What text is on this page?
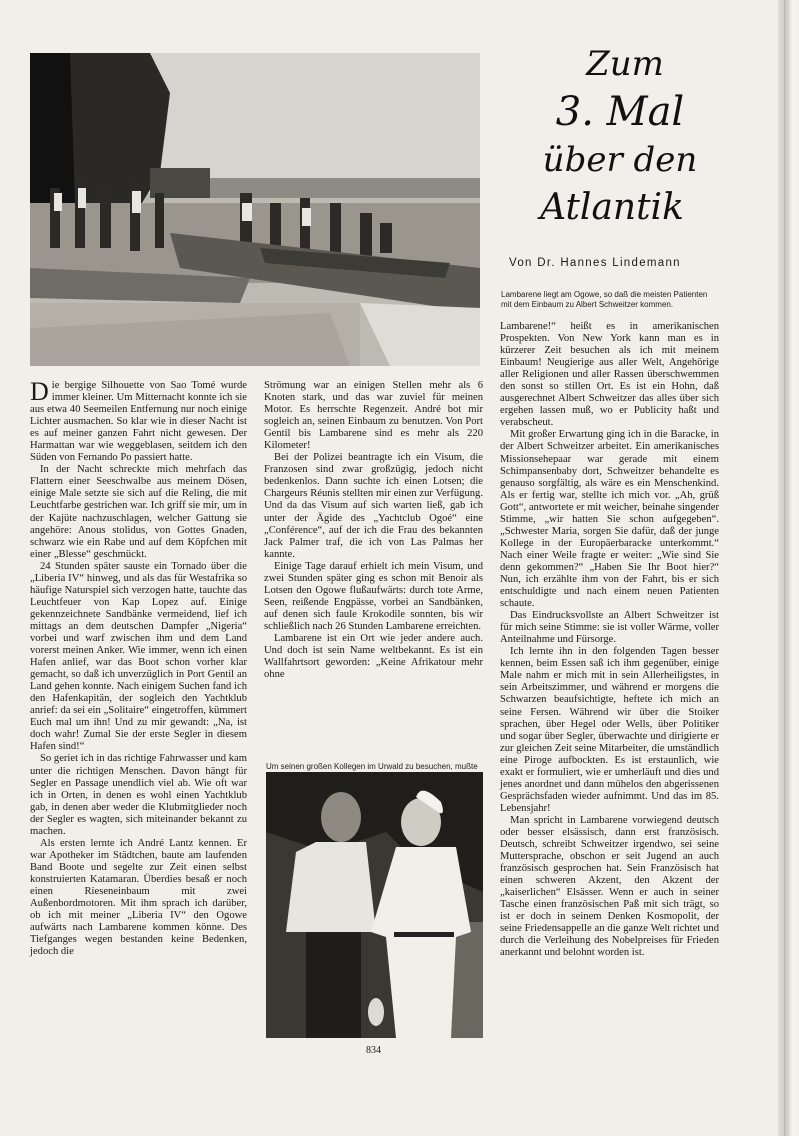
Zum
3. Mal
über den
Atlantik
Von Dr. Hannes Lindemann
Lambarene liegt am Ogowe, so daß die meisten Patienten mit dem Einbaum zu Albert Schweitzer kommen.

Die bergige Silhouette von Sao Tomé wurde immer kleiner. Um Mitternacht konnte ich sie aus etwa 40 Seemeilen Entfernung nur noch einige Lichter ausmachen. So klar wie in dieser Nacht ist es auf meiner ganzen Fahrt nicht gewesen. Der Harmattan war wie weggeblasen, seitdem ich den Süden von Fernando Po passiert hatte.

In der Nacht schreckte mich mehrfach das Flattern einer Seeschwalbe aus meinem Dösen, einige Male setzte sie sich auf die Reling, die mit Leuchtfarbe gestrichen war. Ich griff sie mir, um in der Kajüte nachzuschlagen, welcher Gattung sie angehöre: Anous stolidus, von Gottes Gnaden, schwarz wie ein Rabe und auf dem Köpfchen mit einer „Blesse“ geschmückt.

24 Stunden später sauste ein Tornado über die „Liberia IV“ hinweg, und als das für Westafrika so häufige Naturspiel sich verzogen hatte, tauchte das Leuchtfeuer von Kap Lopez auf. Einige gekennzeichnete Sandbänke vermeidend, lief ich mittags an dem deutschen Dampfer „Nigeria“ vorbei und warf zwischen ihm und dem Land vorerst meinen Anker. Wie immer, wenn ich einen Hafen anlief, war das Boot schon vorher klar gemacht, so daß ich unverzüglich in Port Gentil an Land gehen konnte. Nach einigem Suchen fand ich den Hafenkapitän, der sogleich den Yachtklub anrief: da sei ein „Solitaire“ eingetroffen, kümmert Euch mal um ihn! Und zu mir gewandt: „Na, ist doch wahr! Zumal Sie der erste Segler in diesem Hafen sind!“

So geriet ich in das richtige Fahrwasser und kam unter die richtigen Menschen. Davon hängt für Segler en Passage unendlich viel ab. Wie oft war ich in Orten, in denen es wohl einen Yachtklub gab, in denen aber weder die Klubmitglieder noch der Segler es wagten, sich miteinander bekannt zu machen.

Als ersten lernte ich André Lantz kennen. Er war Apotheker im Städtchen, baute am laufenden Band Boote und segelte zur Zeit einen selbst konstruierten Katamaran. Überdies besaß er noch einen Rieseneinbaum mit zwei Außenbordmotoren. Mit ihm sprach ich darüber, ob ich mit meiner „Liberia IV“ den Ogowe aufwärts nach Lambarene kommen könne. Des Tiefganges wegen bestanden keine Bedenken, jedoch die

Strömung war an einigen Stellen mehr als 6 Knoten stark, und das war zuviel für meinen Motor. Es herrschte Regenzeit. André bot mir sogleich an, seinen Einbaum zu benutzen. Von Port Gentil bis Lambarene sind es mehr als 220 Kilometer!

Bei der Polizei beantragte ich ein Visum, die Franzosen sind zwar großzügig, jedoch nicht bedenkenlos. Dann suchte ich einen Lotsen; die Chargeurs Réunis stellten mir einen zur Verfügung. Und da das Visum auf sich warten ließ, gab ich unter der Ägide des „Yachtclub Ogoé“ eine „Conférence“, auf der ich die Frau des bekannten Jack Palmer traf, die ich von Las Palmas her kannte.

Einige Tage darauf erhielt ich mein Visum, und zwei Stunden später ging es schon mit Benoir als Lotsen den Ogowe flußaufwärts: durch tote Arme, Seen, reißende Engpässe, vorbei an Sandbänken, auf denen sich faule Krokodile sonnten, bis wir schließlich nach 26 Stunden Lambarene erreichten.

Lambarene ist ein Ort wie jeder andere auch. Und doch ist sein Name weltbekannt. Es ist ein Wallfahrtsort geworden: „Keine Afrikatour mehr ohne

Um seinen großen Kollegen im Urwald zu besuchen, mußte

Lambarene!“ heißt es in amerikanischen Prospekten. Von New York kann man es in kürzerer Zeit besuchen als ich mit meinem Einbaum! Neugierige aus aller Welt, Angehörige aller Religionen und aller Rassen überschwemmen den sonst so stillen Ort. Es ist ein Hohn, daß ausgerechnet Albert Schweitzer das alles über sich ergehen lassen muß, wo er Publicity haßt und verabscheut.

Mit großer Erwartung ging ich in die Baracke, in der Albert Schweitzer arbeitet. Ein amerikanisches Missionsehepaar war gerade mit einem Schimpansenbaby dort, Schweitzer behandelte es genauso sorgfältig, als wäre es ein Menschenkind. Als er fertig war, stellte ich mich vor. „Ah, grüß Gott“, antwortete er mit weicher, beinahe singender Stimme, „wir hatten Sie schon aufgegeben“. „Schwester Maria, sorgen Sie dafür, daß der junge Kollege in der Europäerbaracke unterkommt.“ Nach einer Weile fragte er weiter: „Wie sind Sie denn gekommen?“ „Haben Sie Ihr Boot hier?“ Nun, ich erzählte ihm von der Fahrt, bis er sich entschuldigte und nach einem neuen Patienten schaute.

Das Eindrucksvollste an Albert Schweitzer ist für mich seine Stimme: sie ist voller Wärme, voller Anteilnahme und Fürsorge.

Ich lernte ihn in den folgenden Tagen besser kennen, beim Essen saß ich ihm gegenüber, einige Male nahm er mich mit in sein Allerheiligstes, in sein Arbeitszimmer, und während er morgens die Schwarzen beaufsichtigte, heftete ich mich an seine Fersen. Während wir über die Stoiker sprachen, über Hegel oder Wells, über Politiker und sogar über Segler, überwachte und dirigierte er zur gleichen Zeit seine Mitarbeiter, die umständlich eine Piroge aufbockten. Es ist erstaunlich, wie exakt er formuliert, wie er umherläuft und dies und jenes anordnet und dann mühelos den abgerissenen Gesprächsfaden wieder aufnimmt. Und das im 85. Lebensjahr!

Man spricht in Lambarene vorwiegend deutsch oder besser elsässisch, dann erst französisch. Deutsch, schreibt Schweitzer irgendwo, sei seine Muttersprache, obschon er seit Jugend an auch französisch gesprochen hat. Sein Französisch hat einen schweren Akzent, den Akzent der „kaiserlichen“ Elsässer. Wenn er auch in seiner Tasche einen französischen Paß mit sich trägt, so ist er doch in seinem Denken Kosmopolit, der seine Friedensappelle an die ganze Welt richtet und durch die Verleihung des Nobelpreises für Frieden anerkannt und belohnt worden ist.

834
